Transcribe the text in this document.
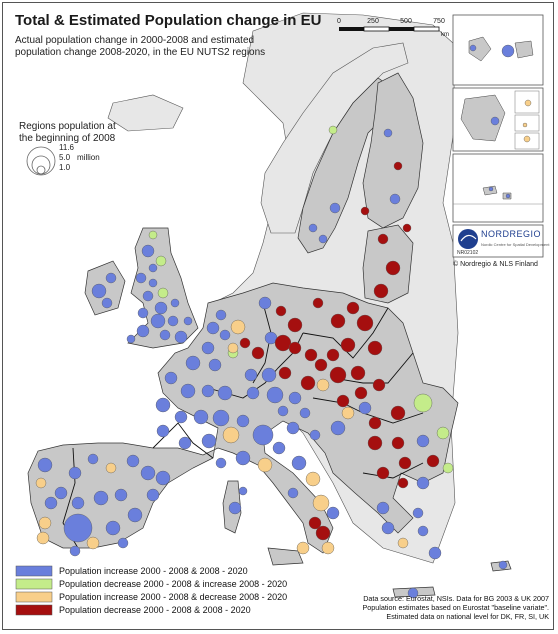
Total & Estimated Population change in EU
Actual population change in 2000-2008 and estimated
population change 2008-2020, in the EU NUTS2 regions
Regions population at
the beginning of 2008
11.6
5.0 million
1.0
0	250	500	750
km
NORDREGIO
Nordic Centre for Spatial Development
NR02102
© Nordregio & NLS Finland
Population increase 2000 - 2008 & 2008 - 2020
Population decrease 2000 - 2008 & increase 2008 - 2020
Population increase 2000 - 2008 & decrease 2008 - 2020
Population decrease 2000 - 2008 & 2008 - 2020
Data source: Eurostat, NSIs. Data for BG 2003 & UK 2007
Population estimates based on Eurostat "baseline variate".
Estimated data on national level for DK, FR, SI, UK
